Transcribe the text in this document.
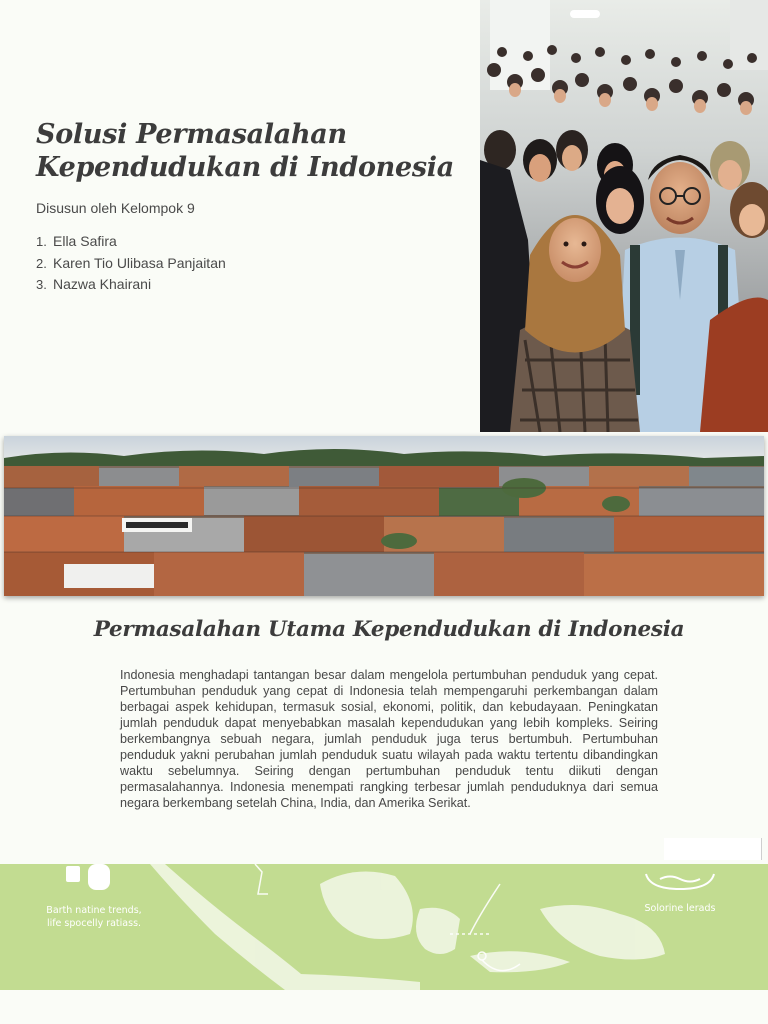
Solusi Permasalahan
Kependudukan di Indonesia

Disusun oleh Kelompok 9

1. Ella Safira
2. Karen Tio Ulibasa Panjaitan
3. Nazwa Khairani
Permasalahan Utama Kependudukan di Indonesia

Indonesia menghadapi tantangan besar dalam mengelola pertumbuhan penduduk yang cepat. Pertumbuhan penduduk yang cepat di Indonesia telah mempengaruhi perkembangan dalam berbagai aspek kehidupan, termasuk sosial, ekonomi, politik, dan kebudayaan. Peningkatan jumlah penduduk dapat menyebabkan masalah kependudukan yang lebih kompleks. Seiring berkembangnya sebuah negara, jumlah penduduk juga terus bertumbuh. Pertumbuhan penduduk yakni perubahan jumlah penduduk suatu wilayah pada waktu tertentu dibandingkan waktu sebelumnya. Seiring dengan pertumbuhan penduduk tentu diikuti dengan permasalahannya. Indonesia menempati rangking terbesar jumlah penduduknya dari semua negara berkembang setelah China, India, dan Amerika Serikat.

Barth natine trends,
life spocelly ratiass.
Solorine lerads
